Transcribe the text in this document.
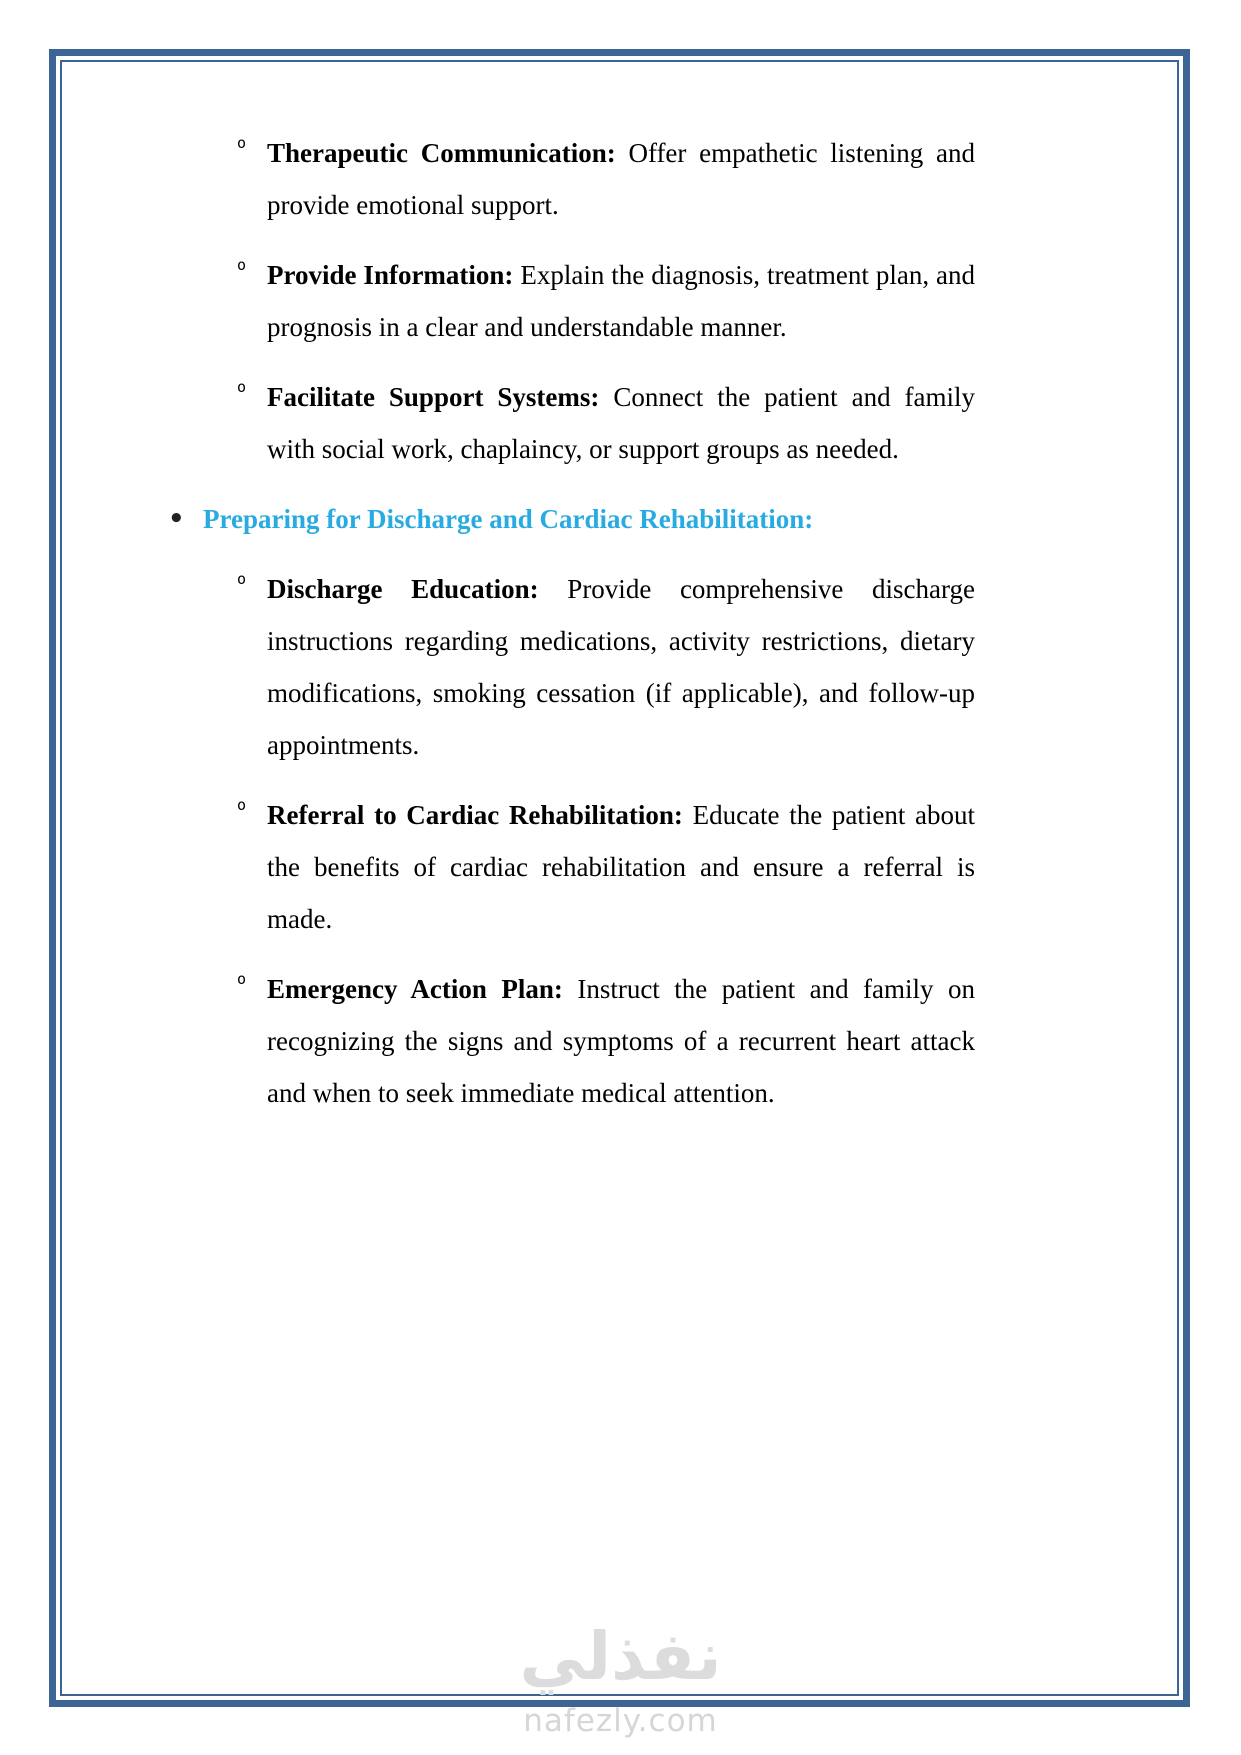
o Therapeutic Communication: Offer empathetic listening and provide emotional support.
o Provide Information: Explain the diagnosis, treatment plan, and prognosis in a clear and understandable manner.
o Facilitate Support Systems: Connect the patient and family with social work, chaplaincy, or support groups as needed.
• Preparing for Discharge and Cardiac Rehabilitation:
o Discharge Education: Provide comprehensive discharge instructions regarding medications, activity restrictions, dietary modifications, smoking cessation (if applicable), and follow-up appointments.
o Referral to Cardiac Rehabilitation: Educate the patient about the benefits of cardiac rehabilitation and ensure a referral is made.
o Emergency Action Plan: Instruct the patient and family on recognizing the signs and symptoms of a recurrent heart attack and when to seek immediate medical attention.
نفذلي
nafezly.com
